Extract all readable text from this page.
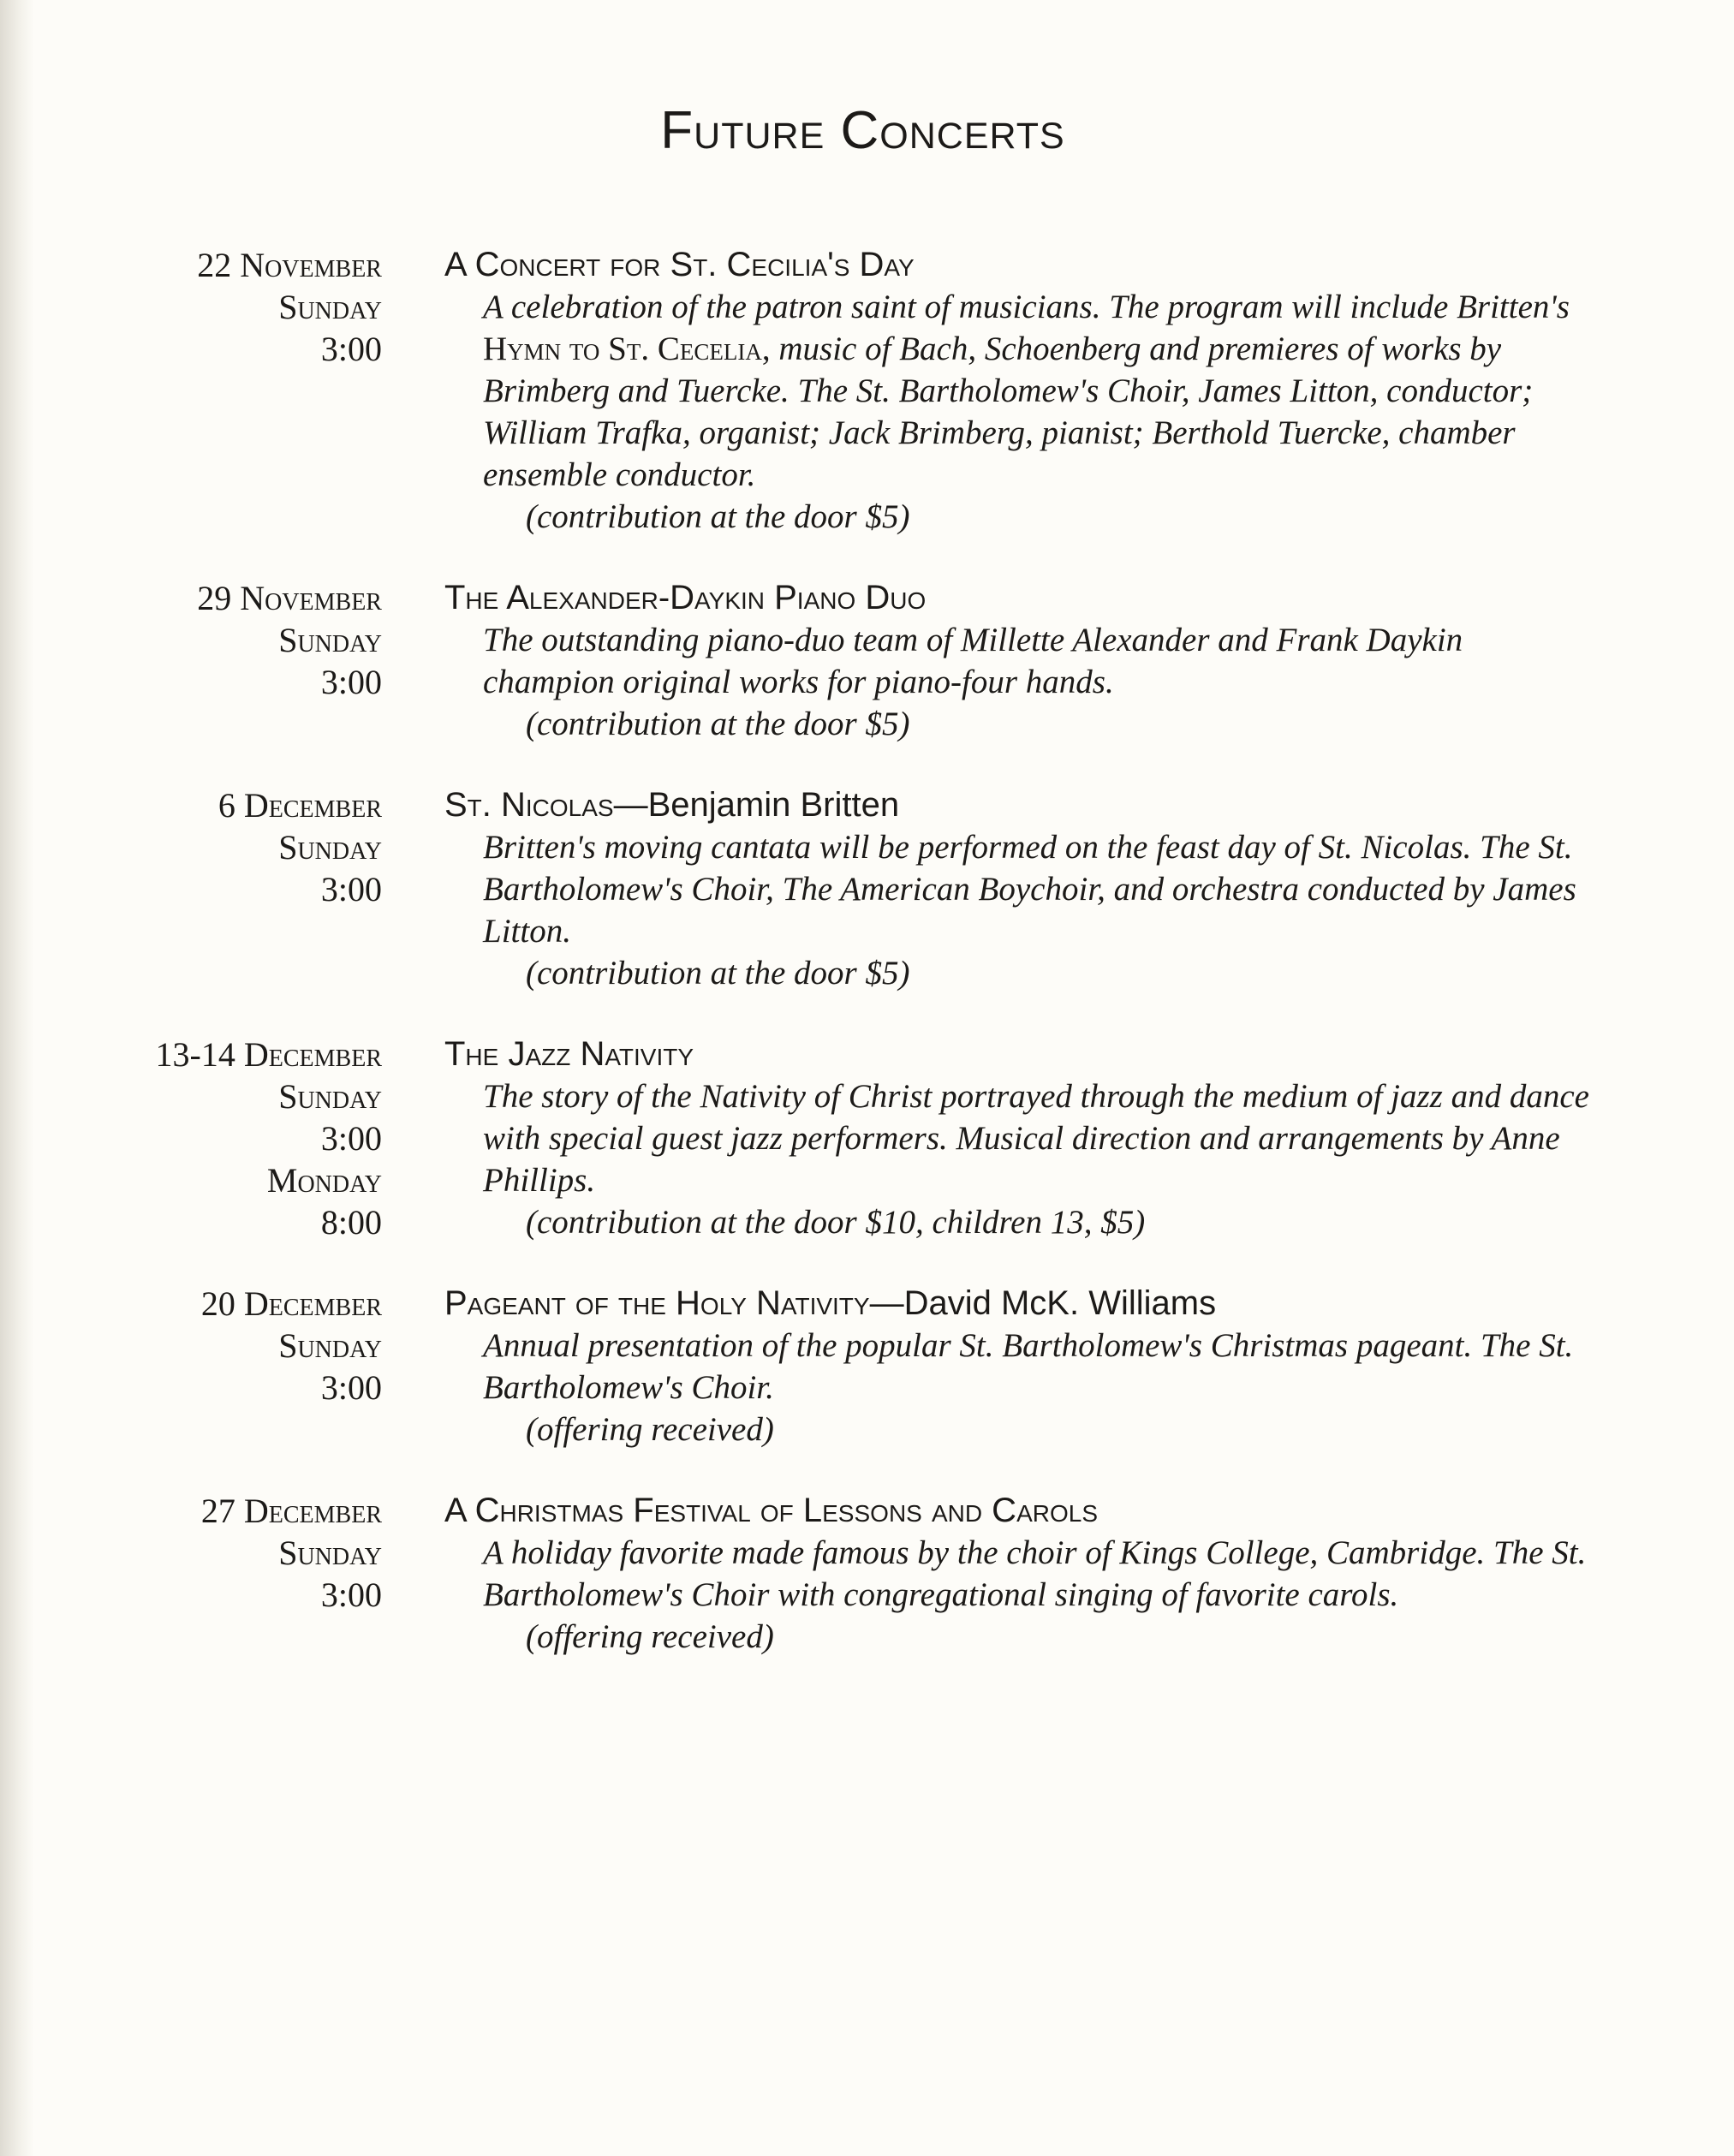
Future Concerts
22 November
Sunday
3:00
A Concert for St. Cecilia's Day
A celebration of the patron saint of musicians. The program will include Britten's Hymn to St. Cecelia, music of Bach, Schoenberg and premieres of works by Brimberg and Tuercke. The St. Bartholomew's Choir, James Litton, conductor; William Trafka, organist; Jack Brimberg, pianist; Berthold Tuercke, chamber ensemble conductor.
(contribution at the door $5)
29 November
Sunday
3:00
The Alexander-Daykin Piano Duo
The outstanding piano-duo team of Millette Alexander and Frank Daykin champion original works for piano-four hands.
(contribution at the door $5)
6 December
Sunday
3:00
St. Nicolas—Benjamin Britten
Britten's moving cantata will be performed on the feast day of St. Nicolas. The St. Bartholomew's Choir, The American Boychoir, and orchestra conducted by James Litton.
(contribution at the door $5)
13-14 December
Sunday
3:00
Monday
8:00
The Jazz Nativity
The story of the Nativity of Christ portrayed through the medium of jazz and dance with special guest jazz performers. Musical direction and arrangements by Anne Phillips.
(contribution at the door $10, children 13, $5)
20 December
Sunday
3:00
Pageant of the Holy Nativity—David McK. Williams
Annual presentation of the popular St. Bartholomew's Christmas pageant. The St. Bartholomew's Choir.
(offering received)
27 December
Sunday
3:00
A Christmas Festival of Lessons and Carols
A holiday favorite made famous by the choir of Kings College, Cambridge. The St. Bartholomew's Choir with congregational singing of favorite carols.
(offering received)
